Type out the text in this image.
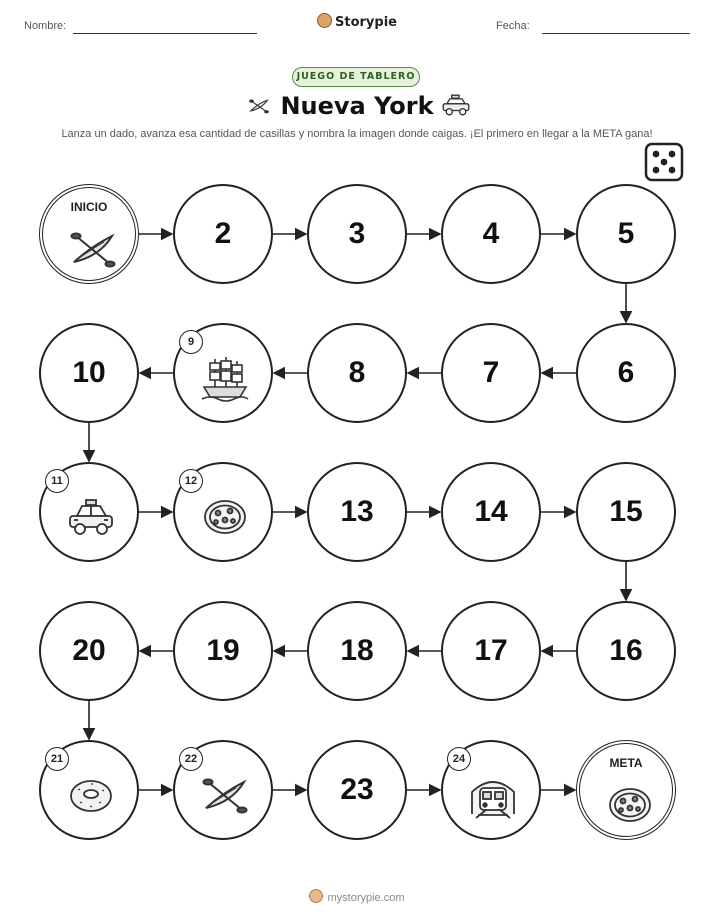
Nombre:	Storypie	Fecha:
JUEGO DE TABLERO
Nueva York
Lanza un dado, avanza esa cantidad de casillas y nombra la imagen donde caigas. ¡El primero en llegar a la META gana!
INICIO
2	3	4	5
6
7
8
9
10
11	12
13	14	15
16
17
18
19
20
21	22
23
24	META
mystorypie.com
